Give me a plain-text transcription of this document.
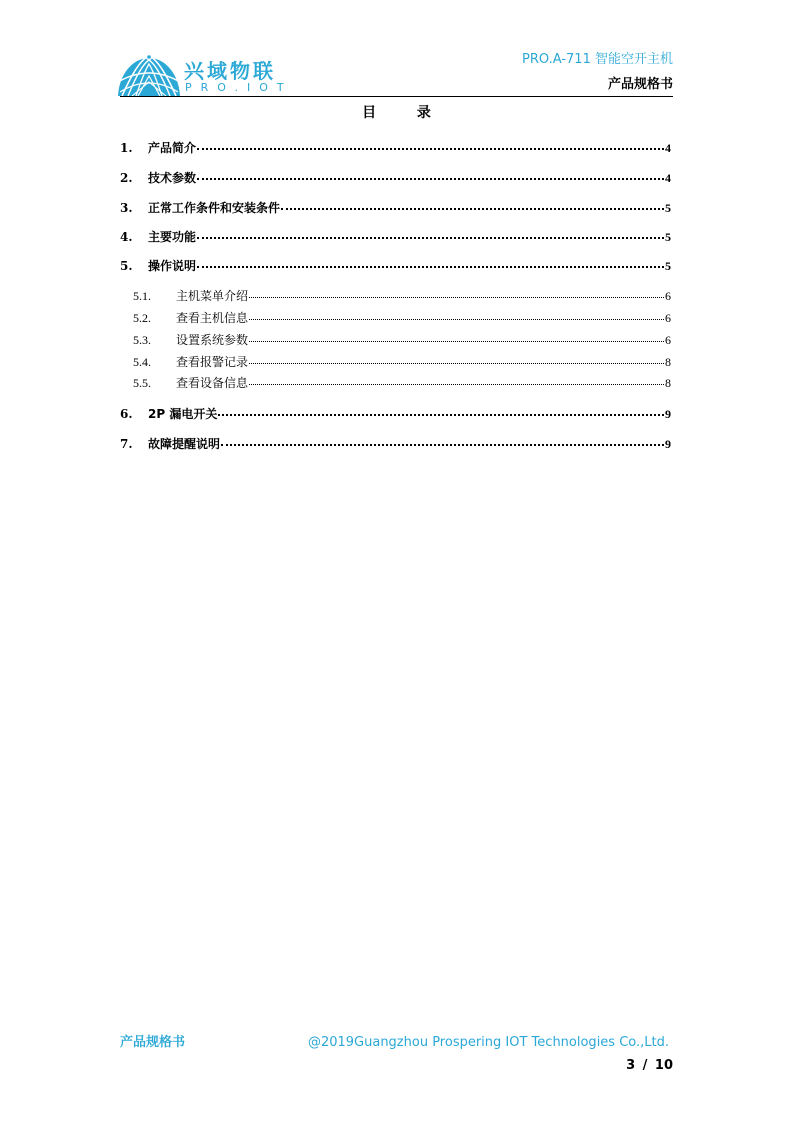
兴域物联
PRO.IOT
PRO.A-711 智能空开主机
产品规格书
目 录
1.	产品简介	4
2.	技术参数	4
3.	正常工作条件和安装条件	5
4.	主要功能	5
5.	操作说明	5
5.1.	主机菜单介绍	6
5.2.	查看主机信息	6
5.3.	设置系统参数	6
5.4.	查看报警记录	8
5.5.	查看设备信息	8
6.	2P 漏电开关	9
7.	故障提醒说明	9
产品规格书	@2019Guangzhou Prospering IOT Technologies Co.,Ltd.
3 / 10
